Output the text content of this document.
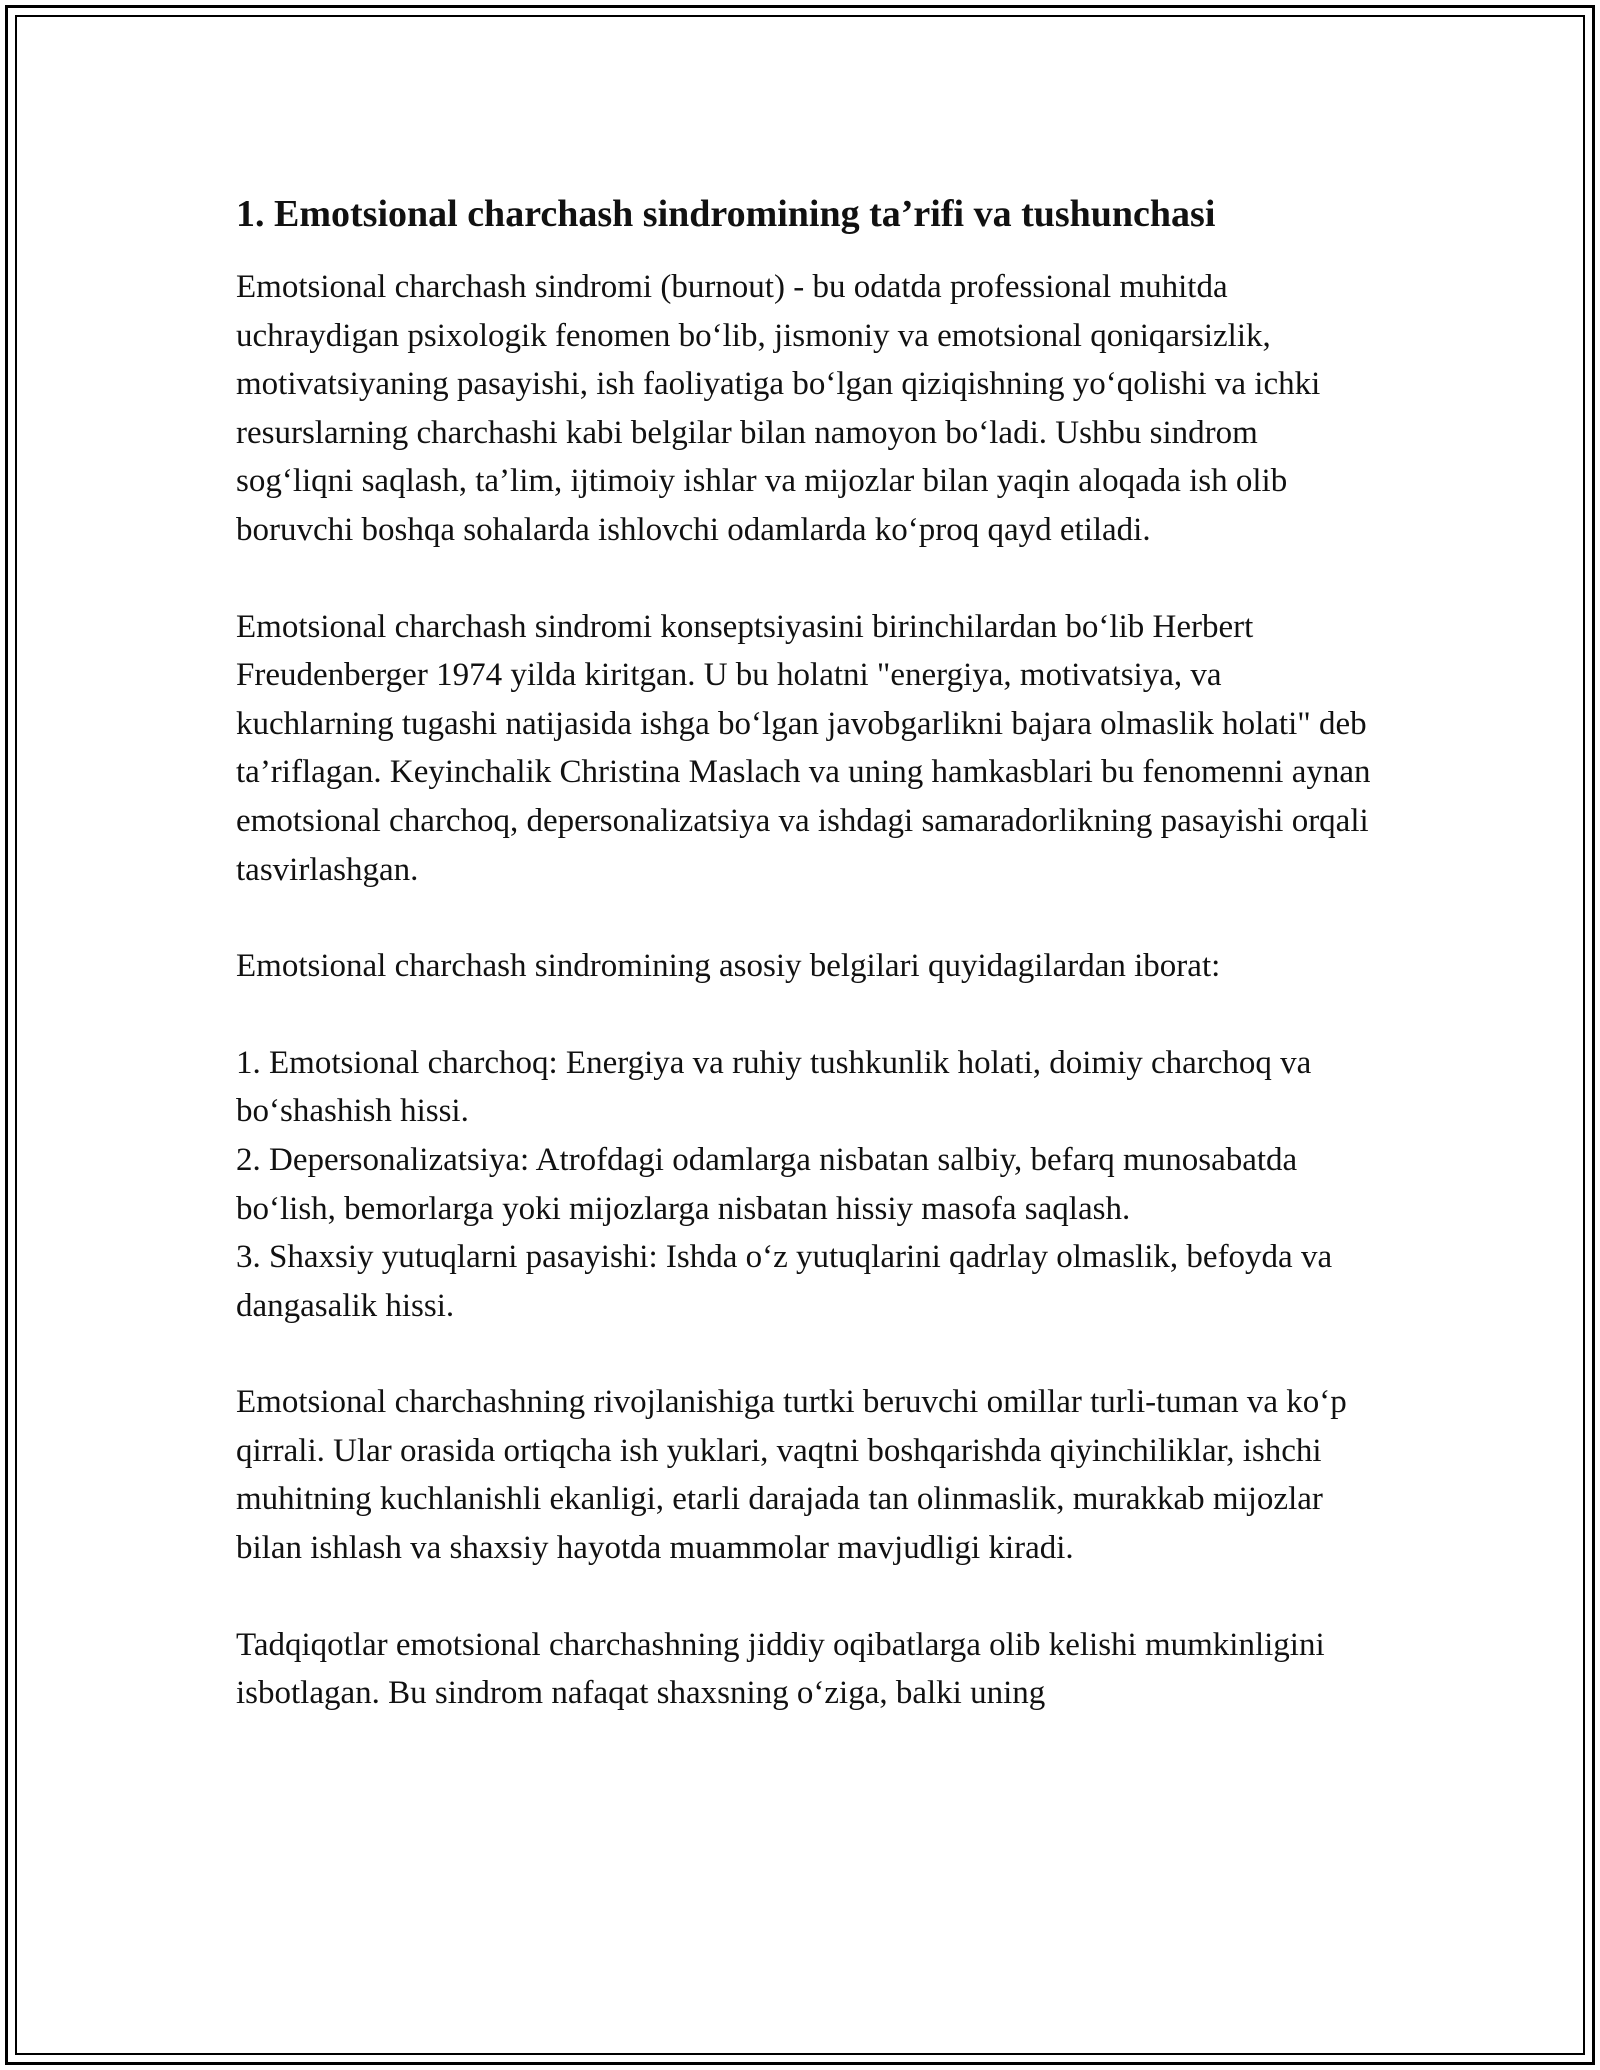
1. Emotsional charchash sindromining ta’rifi va tushunchasi

Emotsional charchash sindromi (burnout) - bu odatda professional muhitda uchraydigan psixologik fenomen bo‘lib, jismoniy va emotsional qoniqarsizlik, motivatsiyaning pasayishi, ish faoliyatiga bo‘lgan qiziqishning yo‘qolishi va ichki resurslarning charchashi kabi belgilar bilan namoyon bo‘ladi. Ushbu sindrom sog‘liqni saqlash, ta’lim, ijtimoiy ishlar va mijozlar bilan yaqin aloqada ish olib boruvchi boshqa sohalarda ishlovchi odamlarda ko‘proq qayd etiladi.

Emotsional charchash sindromi konseptsiyasini birinchilardan bo‘lib Herbert Freudenberger 1974 yilda kiritgan. U bu holatni "energiya, motivatsiya, va kuchlarning tugashi natijasida ishga bo‘lgan javobgarlikni bajara olmaslik holati" deb ta’riflagan. Keyinchalik Christina Maslach va uning hamkasblari bu fenomenni aynan emotsional charchoq, depersonalizatsiya va ishdagi samaradorlikning pasayishi orqali tasvirlashgan.

Emotsional charchash sindromining asosiy belgilari quyidagilardan iborat:

1. Emotsional charchoq: Energiya va ruhiy tushkunlik holati, doimiy charchoq va bo‘shashish hissi.
2. Depersonalizatsiya: Atrofdagi odamlarga nisbatan salbiy, befarq munosabatda bo‘lish, bemorlarga yoki mijozlarga nisbatan hissiy masofa saqlash.
3. Shaxsiy yutuqlarni pasayishi: Ishda o‘z yutuqlarini qadrlay olmaslik, befoyda va dangasalik hissi.

Emotsional charchashning rivojlanishiga turtki beruvchi omillar turli-tuman va ko‘p qirrali. Ular orasida ortiqcha ish yuklari, vaqtni boshqarishda qiyinchiliklar, ishchi muhitning kuchlanishli ekanligi, etarli darajada tan olinmaslik, murakkab mijozlar bilan ishlash va shaxsiy hayotda muammolar mavjudligi kiradi.

Tadqiqotlar emotsional charchashning jiddiy oqibatlarga olib kelishi mumkinligini isbotlagan. Bu sindrom nafaqat shaxsning o‘ziga, balki uning
